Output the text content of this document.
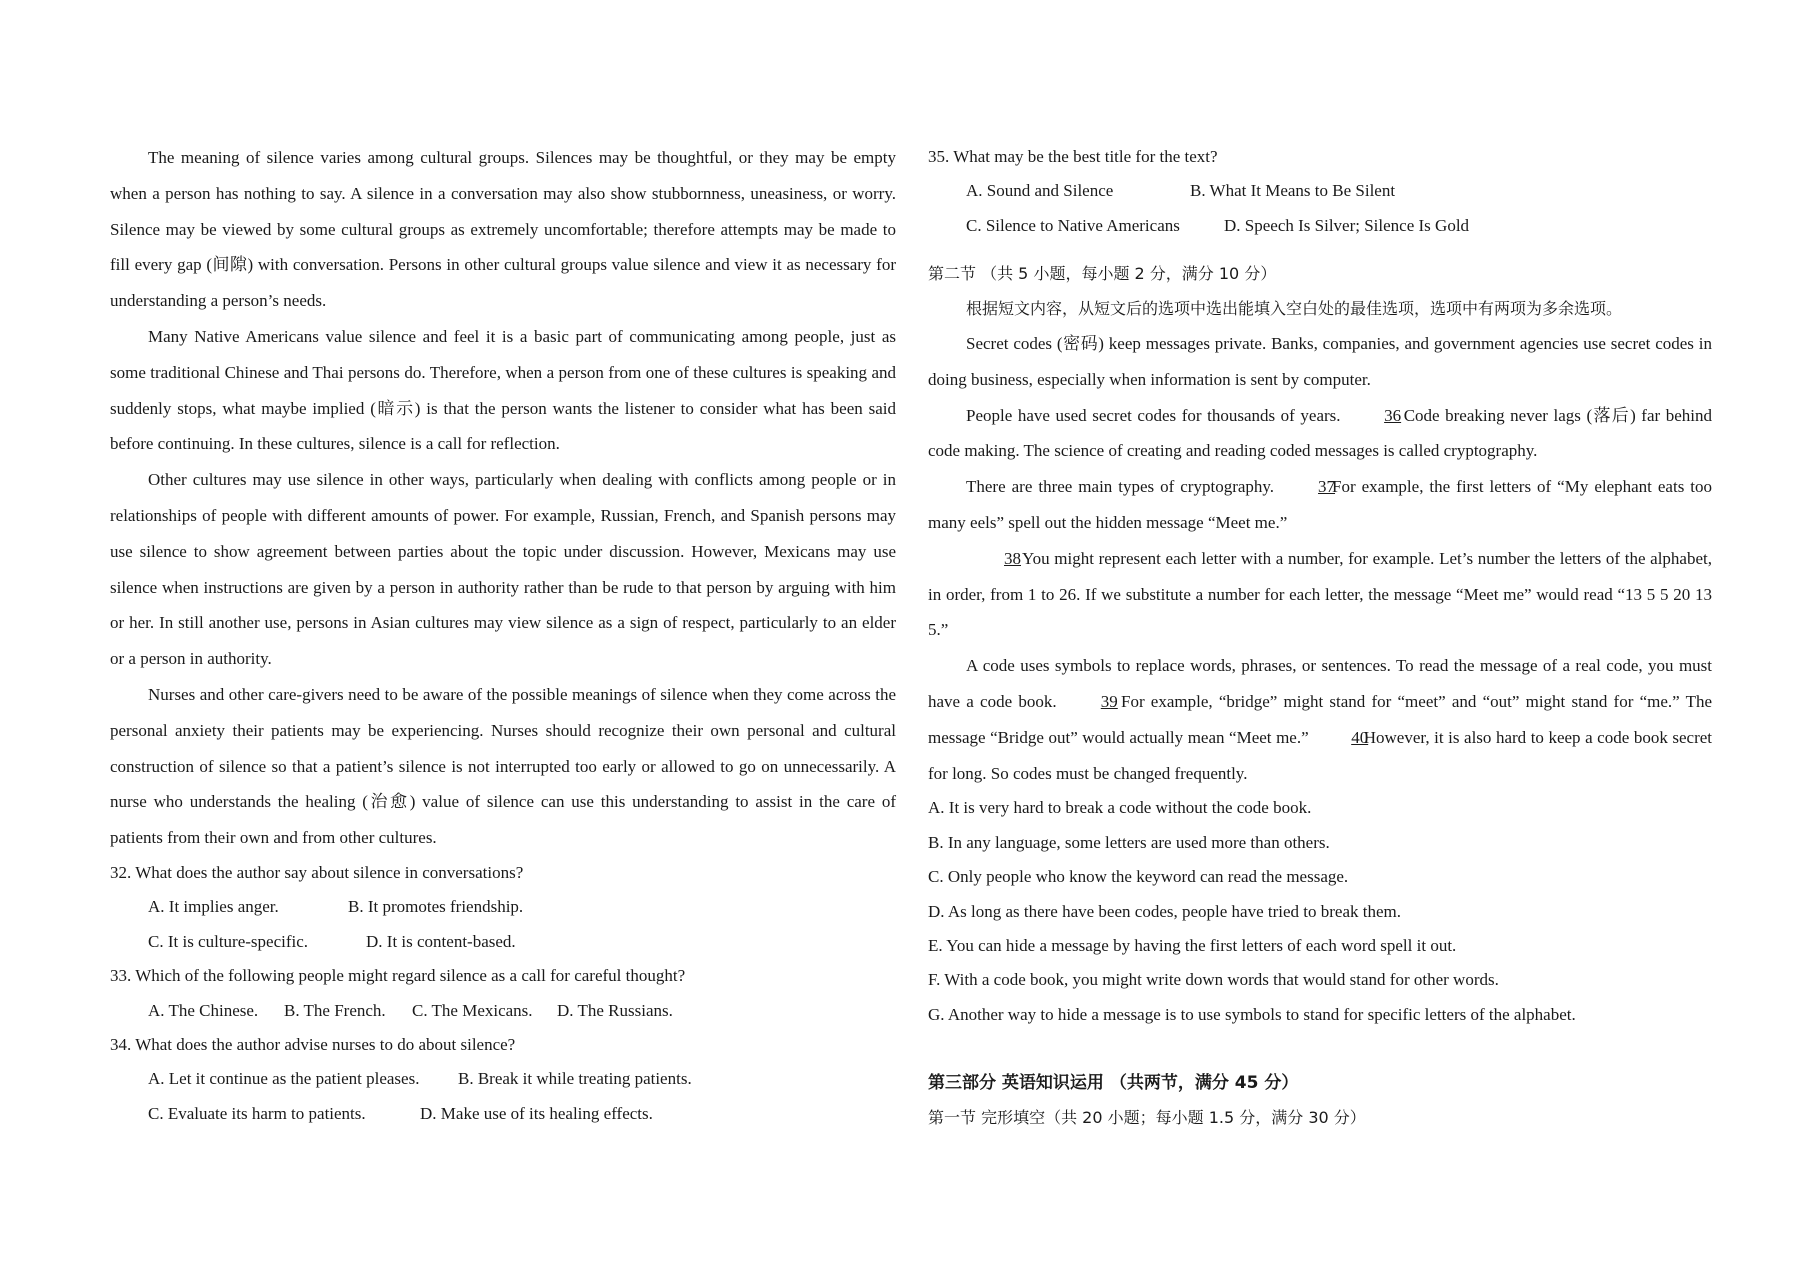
The meaning of silence varies among cultural groups. Silences may be thoughtful, or they may be empty when a person has nothing to say. A silence in a conversation may also show stubbornness, uneasiness, or worry. Silence may be viewed by some cultural groups as extremely uncomfortable; therefore attempts may be made to fill every gap (间隙) with conversation. Persons in other cultural groups value silence and view it as necessary for understanding a person’s needs.

Many Native Americans value silence and feel it is a basic part of communicating among people, just as some traditional Chinese and Thai persons do. Therefore, when a person from one of these cultures is speaking and suddenly stops, what maybe implied (暗示) is that the person wants the listener to consider what has been said before continuing. In these cultures, silence is a call for reflection.

Other cultures may use silence in other ways, particularly when dealing with conflicts among people or in relationships of people with different amounts of power. For example, Russian, French, and Spanish persons may use silence to show agreement between parties about the topic under discussion. However, Mexicans may use silence when instructions are given by a person in authority rather than be rude to that person by arguing with him or her. In still another use, persons in Asian cultures may view silence as a sign of respect, particularly to an elder or a person in authority.

Nurses and other care-givers need to be aware of the possible meanings of silence when they come across the personal anxiety their patients may be experiencing. Nurses should recognize their own personal and cultural construction of silence so that a patient’s silence is not interrupted too early or allowed to go on unnecessarily. A nurse who understands the healing (治愈) value of silence can use this understanding to assist in the care of patients from their own and from other cultures.

32. What does the author say about silence in conversations?

A. It implies anger.	B. It promotes friendship.

C. It is culture-specific.	D. It is content-based.

33. Which of the following people might regard silence as a call for careful thought?

A. The Chinese. B. The French. C. The Mexicans. D. The Russians.

34. What does the author advise nurses to do about silence?

A. Let it continue as the patient pleases. B. Break it while treating patients.

C. Evaluate its harm to patients.	D. Make use of its healing effects.

35. What may be the best title for the text?

A. Sound and Silence	B. What It Means to Be Silent

C. Silence to Native Americans	D. Speech Is Silver; Silence Is Gold

第二节 （共 5 小题，每小题 2 分，满分 10 分）

根据短文内容，从短文后的选项中选出能填入空白处的最佳选项，选项中有两项为多余选项。

Secret codes (密码) keep messages private. Banks, companies, and government agencies use secret codes in doing business, especially when information is sent by computer.

People have used secret codes for thousands of years.	36 Code breaking never lags (落后) far behind code making. The science of creating and reading coded messages is called cryptography.

There are three main types of cryptography.	37 For example, the first letters of “My elephant eats too many eels” spell out the hidden message “Meet me.”

38 You might represent each letter with a number, for example. Let’s number the letters of the alphabet, in order, from 1 to 26. If we substitute a number for each letter, the message “Meet me” would read “13 5 5 20 13 5.”

A code uses symbols to replace words, phrases, or sentences. To read the message of a real code, you must have a code book.	39 For example, “bridge” might stand for “meet” and “out” might stand for “me.” The message “Bridge out” would actually mean “Meet me.”	40 However, it is also hard to keep a code book secret for long. So codes must be changed frequently.

A. It is very hard to break a code without the code book.

B. In any language, some letters are used more than others.

C. Only people who know the keyword can read the message.

D. As long as there have been codes, people have tried to break them.

E. You can hide a message by having the first letters of each word spell it out.

F. With a code book, you might write down words that would stand for other words.

G. Another way to hide a message is to use symbols to stand for specific letters of the alphabet.

第三部分 英语知识运用 （共两节，满分 45 分）

第一节 完形填空（共 20 小题；每小题 1.5 分，满分 30 分）
